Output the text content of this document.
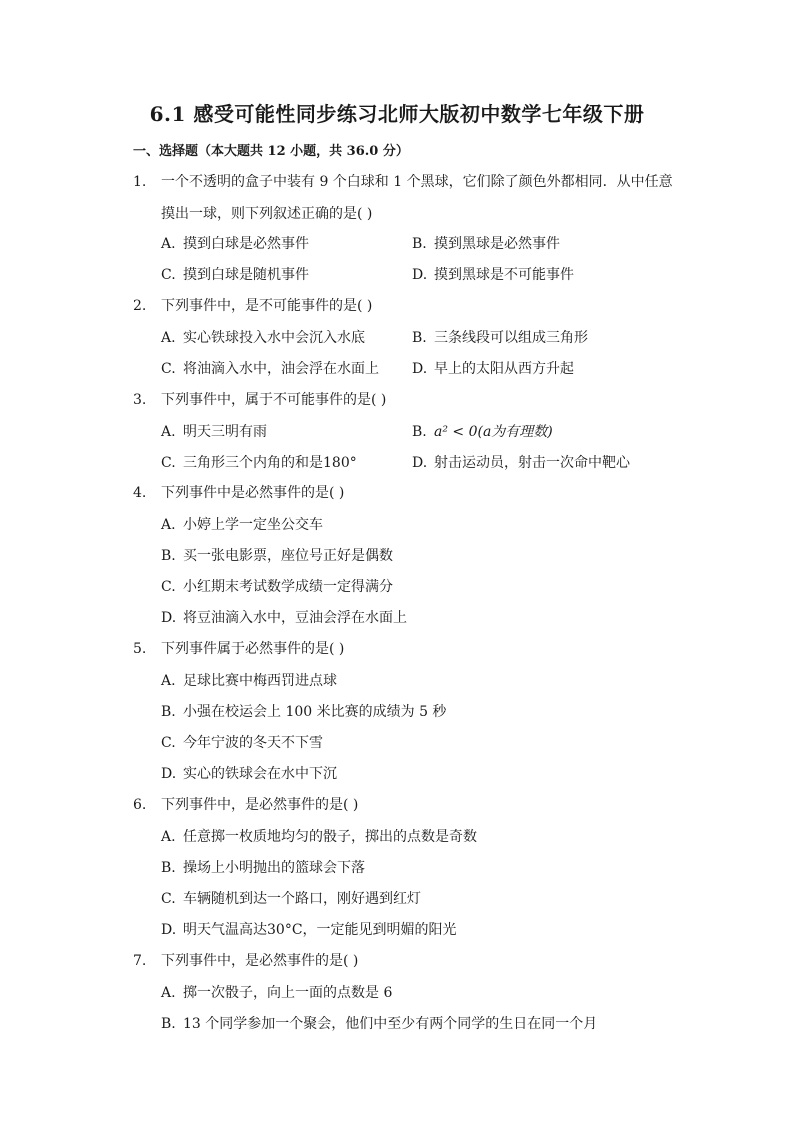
6.1 感受可能性同步练习北师大版初中数学七年级下册
一、选择题（本大题共 12 小题，共 36.0 分）
1. 一个不透明的盒子中装有 9 个白球和 1 个黑球，它们除了颜色外都相同．从中任意
摸出一球，则下列叙述正确的是( )
A. 摸到白球是必然事件	B. 摸到黑球是必然事件
C. 摸到白球是随机事件	D. 摸到黑球是不可能事件
2. 下列事件中，是不可能事件的是( )
A. 实心铁球投入水中会沉入水底	B. 三条线段可以组成三角形
C. 将油滴入水中，油会浮在水面上 D. 早上的太阳从西方升起
3. 下列事件中，属于不可能事件的是( )
A. 明天三明有雨	B. a² < 0(a为有理数)
C. 三角形三个内角的和是180°	D. 射击运动员，射击一次命中靶心
4. 下列事件中是必然事件的是( )
A. 小婷上学一定坐公交车
B. 买一张电影票，座位号正好是偶数
C. 小红期末考试数学成绩一定得满分
D. 将豆油滴入水中，豆油会浮在水面上
5. 下列事件属于必然事件的是( )
A. 足球比赛中梅西罚进点球
B. 小强在校运会上 100 米比赛的成绩为 5 秒
C. 今年宁波的冬天不下雪
D. 实心的铁球会在水中下沉
6. 下列事件中，是必然事件的是( )
A. 任意掷一枚质地均匀的骰子，掷出的点数是奇数
B. 操场上小明抛出的篮球会下落
C. 车辆随机到达一个路口，刚好遇到红灯
D. 明天气温高达30°C，一定能见到明媚的阳光
7. 下列事件中，是必然事件的是( )
A. 掷一次骰子，向上一面的点数是 6
B. 13 个同学参加一个聚会，他们中至少有两个同学的生日在同一个月
